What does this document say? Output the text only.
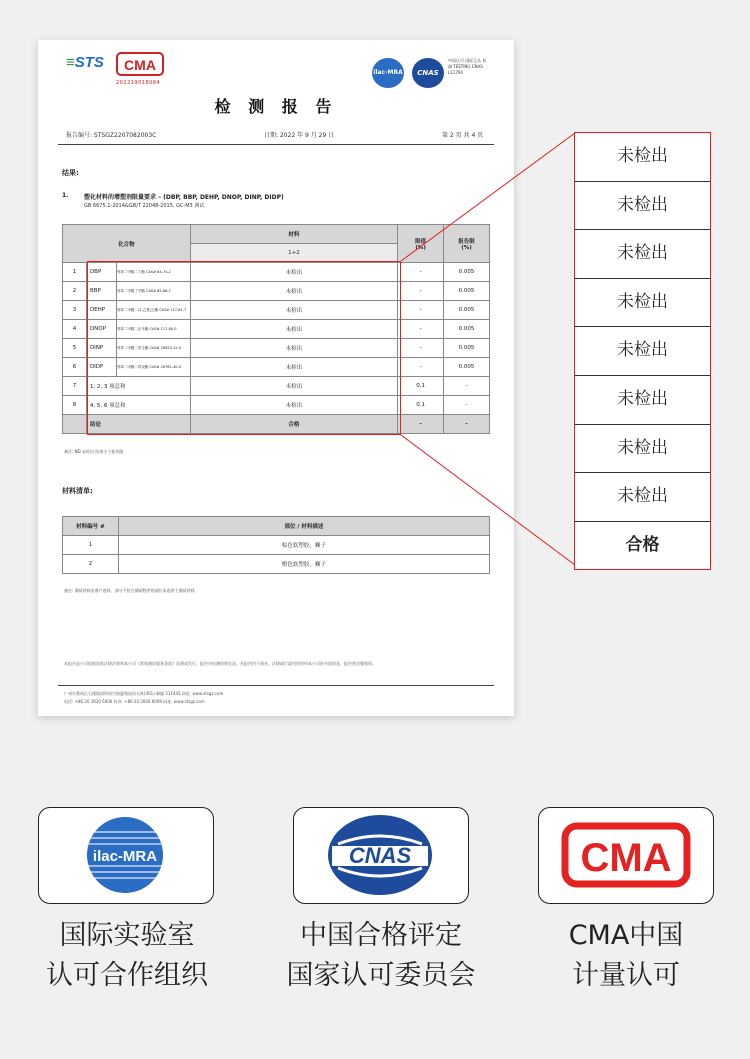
≡STS	CMA
202219018084
ilac-MRA	CNAS
中国认可 国际互认 检测 TESTING CNAS L11794
检 测 报 告
报告编号: STSGZ2207082003C	日期: 2022 年 9 月 29 日	第 2 页 共 4 页
结果:
1.	塑化材料的增塑剂限量要求 – (DBP, BBP, DEHP, DNOP, DINP, DIDP)
GB 6675.1-2014&GB/T 22048-2015, GC-M3 测试
化合物			材料	限值
(%)	报告限
(%)
			1+2		
1	DBP	邻苯二甲酸二丁酯 CAS# 84-74-2	未检出	-	0.005
2	BBP	邻苯二甲酸丁苄酯 CAS# 85-68-7	未检出	-	0.005
3	DEHP	邻苯二甲酸二(2-乙基己)酯 CAS# 117-81-7	未检出	-	0.005
4	DNOP	邻苯二甲酸二正辛酯 CAS# 117-84-0	未检出	-	0.005
5	DINP	邻苯二甲酸二异壬酯 CAS# 28553-12-0	未检出	-	0.005
6	DIDP	邻苯二甲酸二异癸酯 CAS# 26761-40-0	未检出	-	0.005
7	1, 2, 3 项总和		未检出	0.1	-
8	4, 5, 6 项总和		未检出	0.1	-
	结论		合格	-	-
备注: ND 未检出 结果小于报告限
材料清单:
材料编号 #	部位 / 材料描述
1	棕色软塑胶，狮子
2	橙色软塑胶，狮子
备注: 测试材料由客户选择，部分不符合测试程序的部位未选用于测试材料。
本报告是公司依据国家法律法规和本公司《常规测试服务条款》而建成发行，报告对检测结果负责，若报告用于商业、法律或行政用途须经本公司的书面同意，报告须完整使用。
广州市番禺区石楼镇深圳南兴路惠聚园西五栋(401) 邮编 511443 网址: www.stsgz.com
电话: +86 20 3930 6006 传真: +86 20 3930 6009 网址: www.stsgz.com
未检出
未检出
未检出
未检出
未检出
未检出
未检出
未检出
合格
ilac-MRA	CNAS	CMA
国际实验室
认可合作组织
中国合格评定
国家认可委员会
CMA中国
计量认可
